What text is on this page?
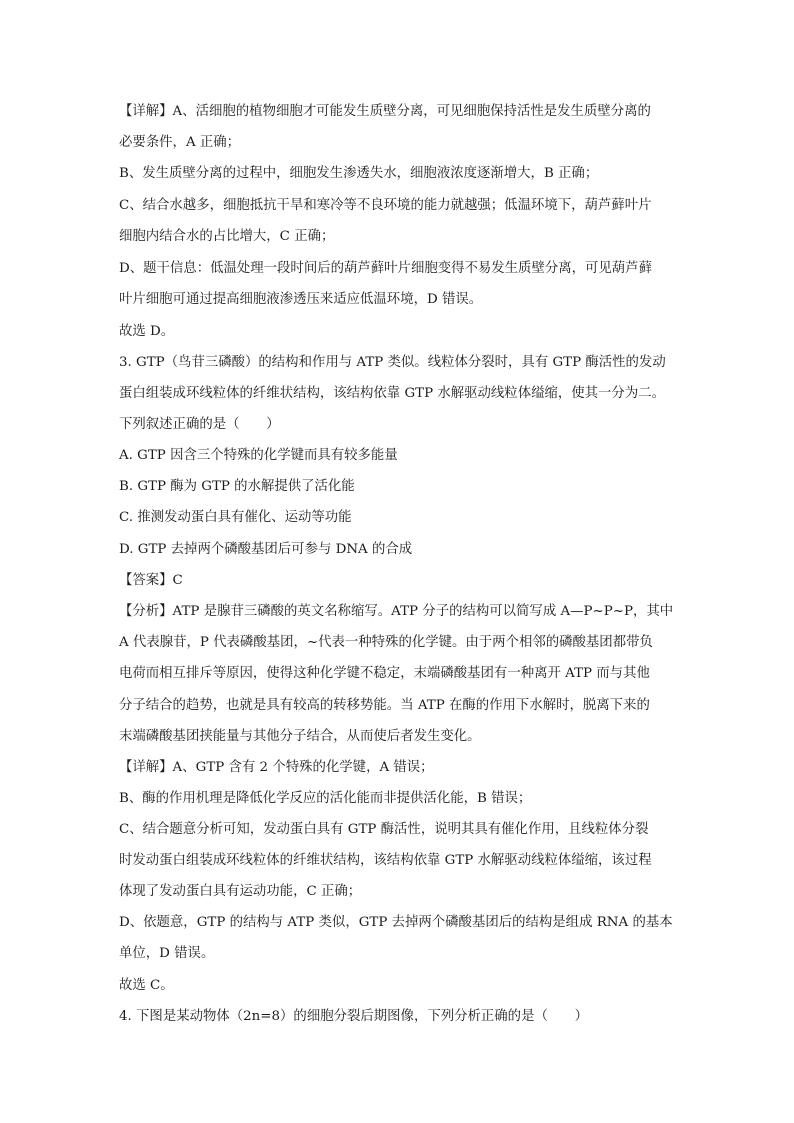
【详解】A、活细胞的植物细胞才可能发生质壁分离，可见细胞保持活性是发生质壁分离的
必要条件，A 正确；
B、发生质壁分离的过程中，细胞发生渗透失水，细胞液浓度逐渐增大，B 正确；
C、结合水越多，细胞抵抗干旱和寒冷等不良环境的能力就越强；低温环境下，葫芦藓叶片
细胞内结合水的占比增大，C 正确；
D、题干信息：低温处理一段时间后的葫芦藓叶片细胞变得不易发生质壁分离，可见葫芦藓
叶片细胞可通过提高细胞液渗透压来适应低温环境，D 错误。
故选 D。
3. GTP（鸟苷三磷酸）的结构和作用与 ATP 类似。线粒体分裂时，具有 GTP 酶活性的发动
蛋白组装成环线粒体的纤维状结构，该结构依靠 GTP 水解驱动线粒体缢缩，使其一分为二。
下列叙述正确的是（　　）
A. GTP 因含三个特殊的化学键而具有较多能量
B. GTP 酶为 GTP 的水解提供了活化能
C. 推测发动蛋白具有催化、运动等功能
D. GTP 去掉两个磷酸基团后可参与 DNA 的合成
【答案】C
【分析】ATP 是腺苷三磷酸的英文名称缩写。ATP 分子的结构可以简写成 A—P~P~P，其中
A 代表腺苷，P 代表磷酸基团，~代表一种特殊的化学键。由于两个相邻的磷酸基团都带负
电荷而相互排斥等原因，使得这种化学键不稳定，末端磷酸基团有一种离开 ATP 而与其他
分子结合的趋势，也就是具有较高的转移势能。当 ATP 在酶的作用下水解时，脱离下来的
末端磷酸基团挟能量与其他分子结合，从而使后者发生变化。
【详解】A、GTP 含有 2 个特殊的化学键，A 错误；
B、酶的作用机理是降低化学反应的活化能而非提供活化能，B 错误；
C、结合题意分析可知，发动蛋白具有 GTP 酶活性，说明其具有催化作用，且线粒体分裂
时发动蛋白组装成环线粒体的纤维状结构，该结构依靠 GTP 水解驱动线粒体缢缩，该过程
体现了发动蛋白具有运动功能，C 正确；
D、依题意，GTP 的结构与 ATP 类似，GTP 去掉两个磷酸基团后的结构是组成 RNA 的基本
单位，D 错误。
故选 C。
4. 下图是某动物体（2n=8）的细胞分裂后期图像，下列分析正确的是（　　）
